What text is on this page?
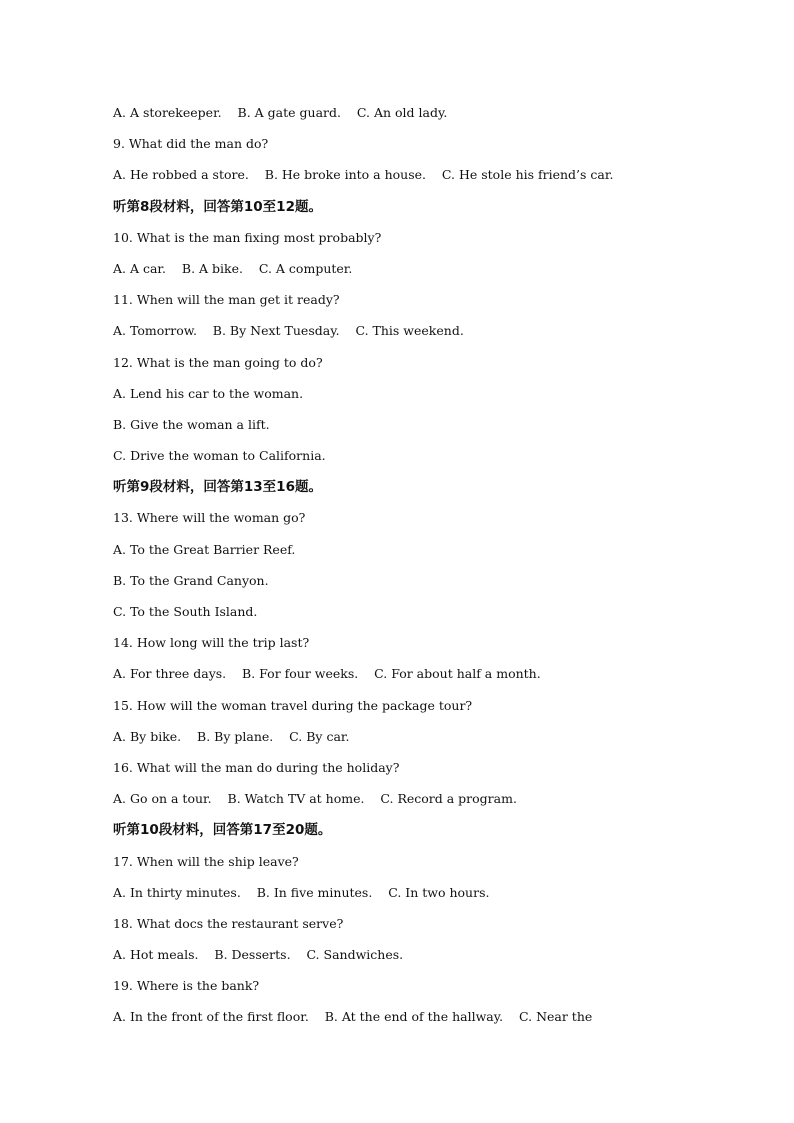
A. A storekeeper.    B. A gate guard.    C. An old lady.
9. What did the man do?
A. He robbed a store.    B. He broke into a house.    C. He stole his friend’s car.
听第8段材料，回答第10至12题。
10. What is the man fixing most probably?
A. A car.    B. A bike.    C. A computer.
11. When will the man get it ready?
A. Tomorrow.    B. By Next Tuesday.    C. This weekend.
12. What is the man going to do?
A. Lend his car to the woman.
B. Give the woman a lift.
C. Drive the woman to California.
听第9段材料，回答第13至16题。
13. Where will the woman go?
A. To the Great Barrier Reef.
B. To the Grand Canyon.
C. To the South Island.
14. How long will the trip last?
A. For three days.    B. For four weeks.    C. For about half a month.
15. How will the woman travel during the package tour?
A. By bike.    B. By plane.    C. By car.
16. What will the man do during the holiday?
A. Go on a tour.    B. Watch TV at home.    C. Record a program.
听第10段材料，回答第17至20题。
17. When will the ship leave?
A. In thirty minutes.    B. In five minutes.    C. In two hours.
18. What docs the restaurant serve?
A. Hot meals.    B. Desserts.    C. Sandwiches.
19. Where is the bank?
A. In the front of the first floor.    B. At the end of the hallway.    C. Near the
